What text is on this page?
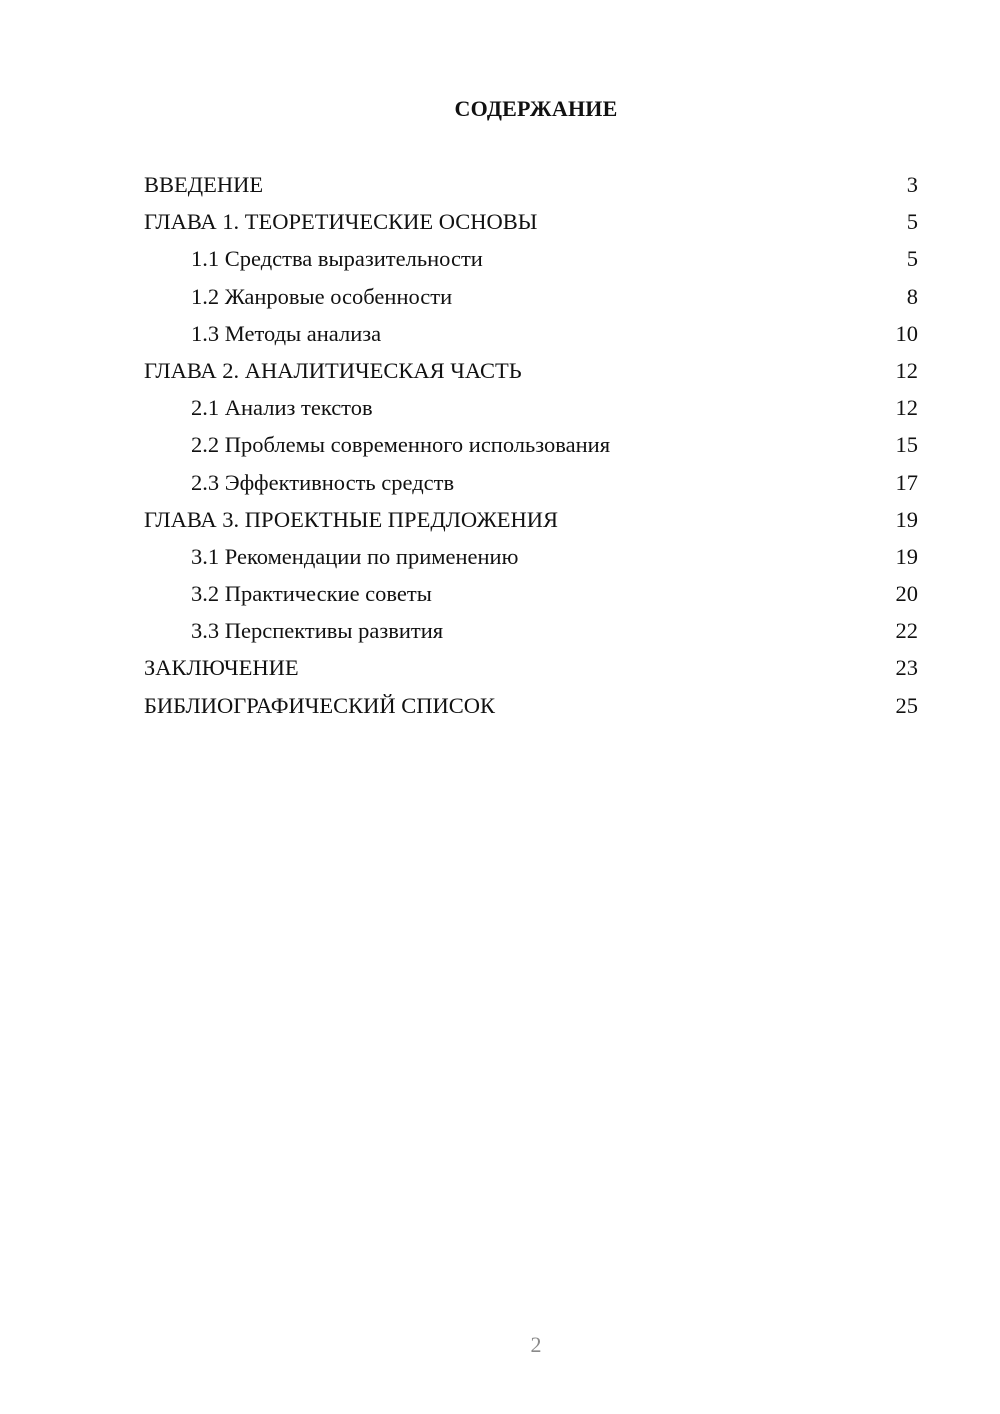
СОДЕРЖАНИЕ
ВВЕДЕНИЕ	3
ГЛАВА 1. ТЕОРЕТИЧЕСКИЕ ОСНОВЫ	5
1.1 Средства выразительности	5
1.2 Жанровые особенности	8
1.3 Методы анализа	10
ГЛАВА 2. АНАЛИТИЧЕСКАЯ ЧАСТЬ	12
2.1 Анализ текстов	12
2.2 Проблемы современного использования	15
2.3 Эффективность средств	17
ГЛАВА 3. ПРОЕКТНЫЕ ПРЕДЛОЖЕНИЯ	19
3.1 Рекомендации по применению	19
3.2 Практические советы	20
3.3 Перспективы развития	22
ЗАКЛЮЧЕНИЕ	23
БИБЛИОГРАФИЧЕСКИЙ СПИСОК	25
2
